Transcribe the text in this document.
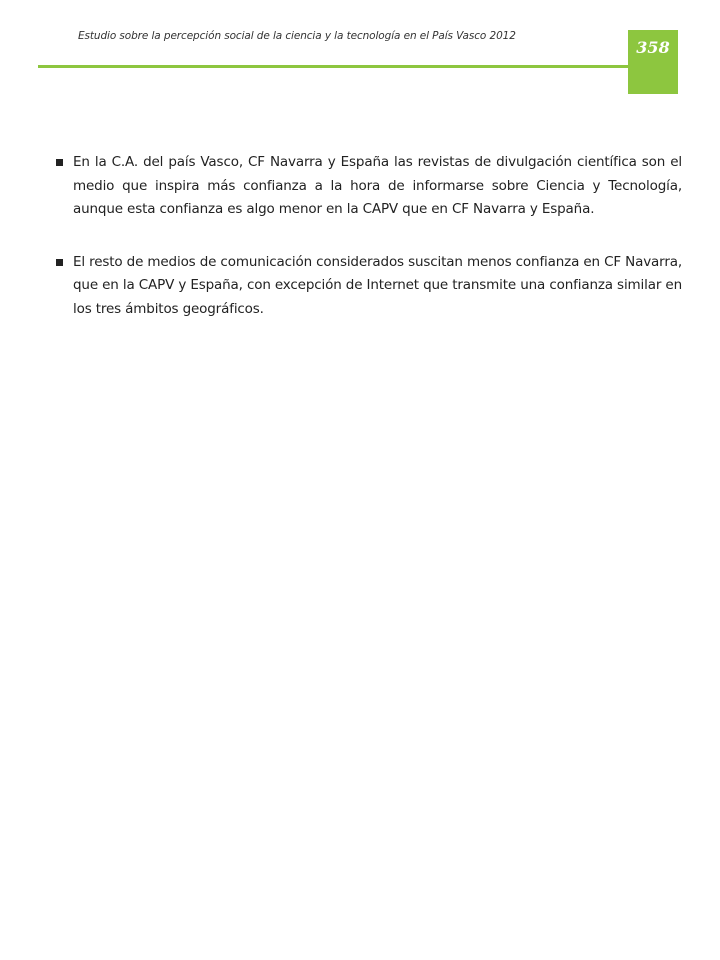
Estudio sobre la percepción social de la ciencia y la tecnología en el País Vasco 2012
358
En la C.A. del país Vasco, CF Navarra y España las revistas de divulgación científica son el medio que inspira más confianza a la hora de informarse sobre Ciencia y Tecnología, aunque esta confianza es algo menor en la CAPV que en CF Navarra y España.
El resto de medios de comunicación considerados suscitan menos confianza en CF Navarra, que en la CAPV y España, con excepción de Internet que transmite una confianza similar en los tres ámbitos geográficos.
